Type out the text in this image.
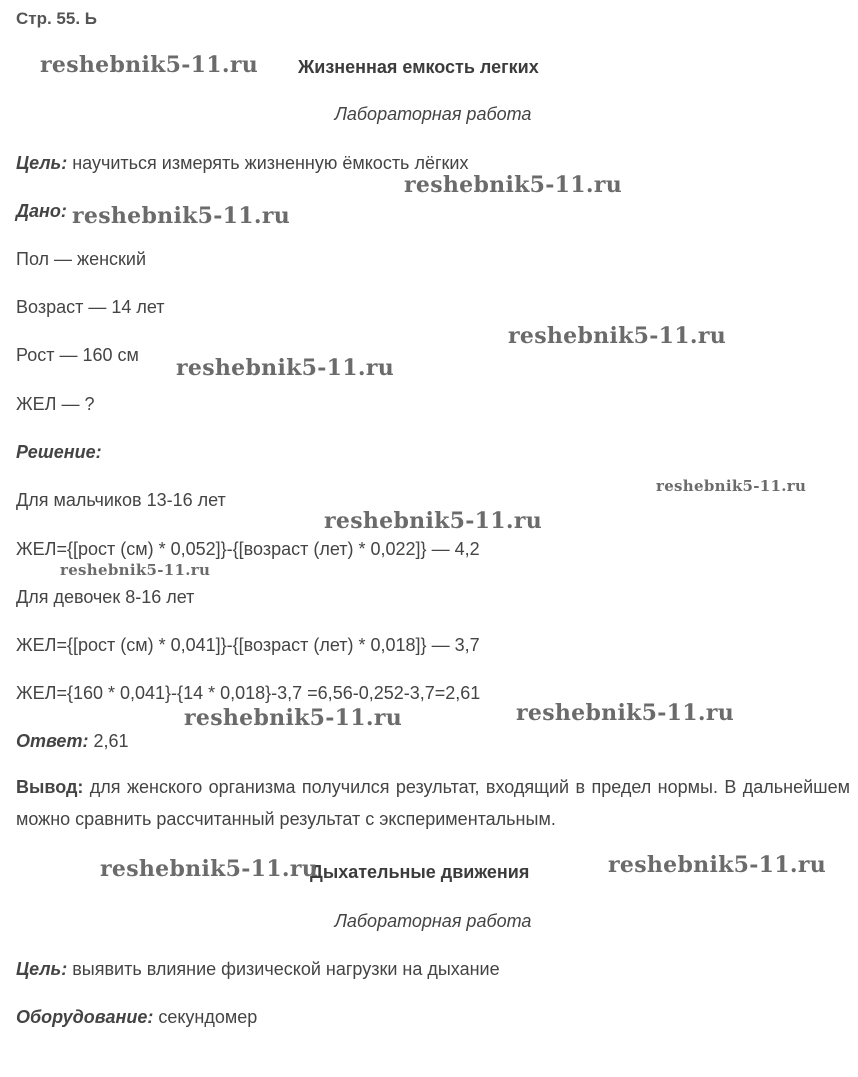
Стр. 55. Ь
Жизненная емкость легких
Лабораторная работа
Цель: научиться измерять жизненную ёмкость лёгких
Дано:
Пол — женский
Возраст — 14 лет
Рост — 160 см
ЖЕЛ — ?
Решение:
Для мальчиков 13-16 лет
ЖЕЛ={[рост (см) * 0,052]}-{[возраст (лет) * 0,022]} — 4,2
Для девочек 8-16 лет
ЖЕЛ={[рост (см) * 0,041]}-{[возраст (лет) * 0,018]} — 3,7
ЖЕЛ={160 * 0,041}-{14 * 0,018}-3,7 =6,56-0,252-3,7=2,61
Ответ: 2,61
Вывод: для женского организма получился результат, входящий в предел нормы. В дальнейшем можно сравнить рассчитанный результат с экспериментальным.
Дыхательные движения
Лабораторная работа
Цель: выявить влияние физической нагрузки на дыхание
Оборудование: секундомер
reshebnik5-11.ru
reshebnik5-11.ru
reshebnik5-11.ru
reshebnik5-11.ru
reshebnik5-11.ru
reshebnik5-11.ru
reshebnik5-11.ru
reshebnik5-11.ru
reshebnik5-11.ru	reshebnik5-11.ru
reshebnik5-11.ru	reshebnik5-11.ru
